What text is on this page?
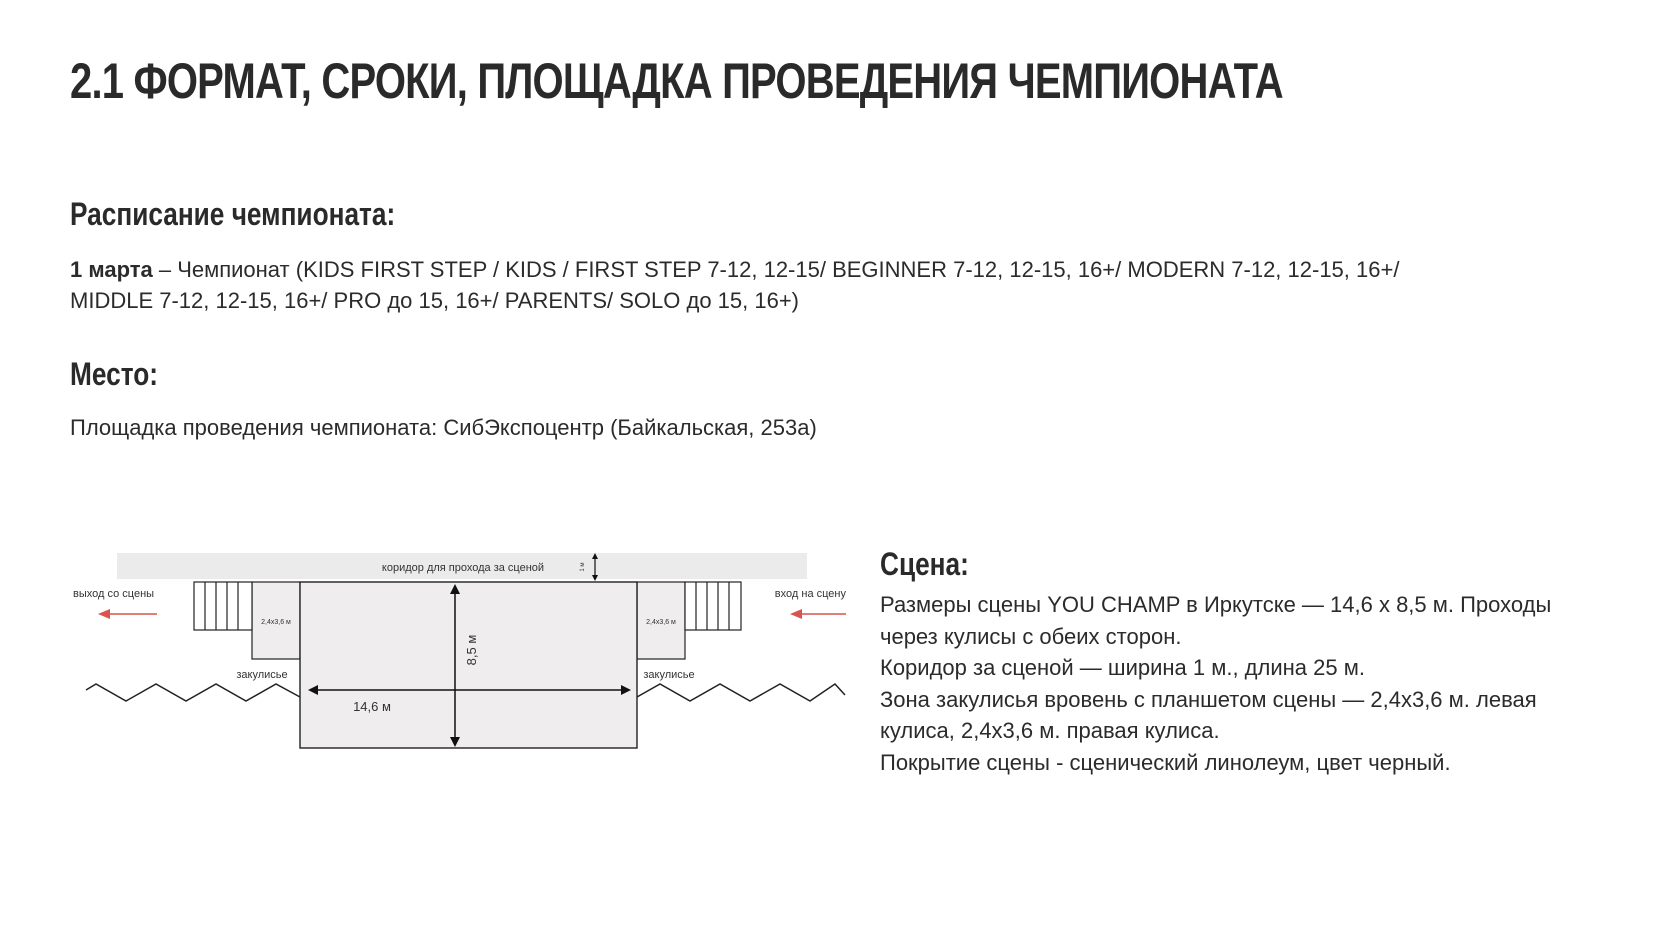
2.1 ФОРМАТ, СРОКИ, ПЛОЩАДКА ПРОВЕДЕНИЯ ЧЕМПИОНАТА
Расписание чемпионата:
1 марта – Чемпионат (KIDS FIRST STEP / KIDS / FIRST STEP 7-12, 12-15/ BEGINNER 7-12, 12-15, 16+/ MODERN 7-12, 12-15, 16+/
MIDDLE 7-12, 12-15, 16+/ PRO до 15, 16+/ PARENTS/ SOLO до 15, 16+)
Место:
Площадка проведения чемпионата: СибЭкспоцентр (Байкальская, 253а)
коридор для прохода за сценой	1 м
2,4х3,6 м	2,4х3,6 м
8,5 м
14,6 м
закулисье	закулисье
выход со сцены	вход на сцену
Сцена:
Размеры сцены YOU CHAMP в Иркутске — 14,6 х 8,5 м. Проходы
через кулисы с обеих сторон.
Коридор за сценой — ширина 1 м., длина 25 м.
Зона закулисья вровень с планшетом сцены — 2,4х3,6 м. левая
кулиса, 2,4х3,6 м. правая кулиса.
Покрытие сцены - сценический линолеум, цвет черный.
